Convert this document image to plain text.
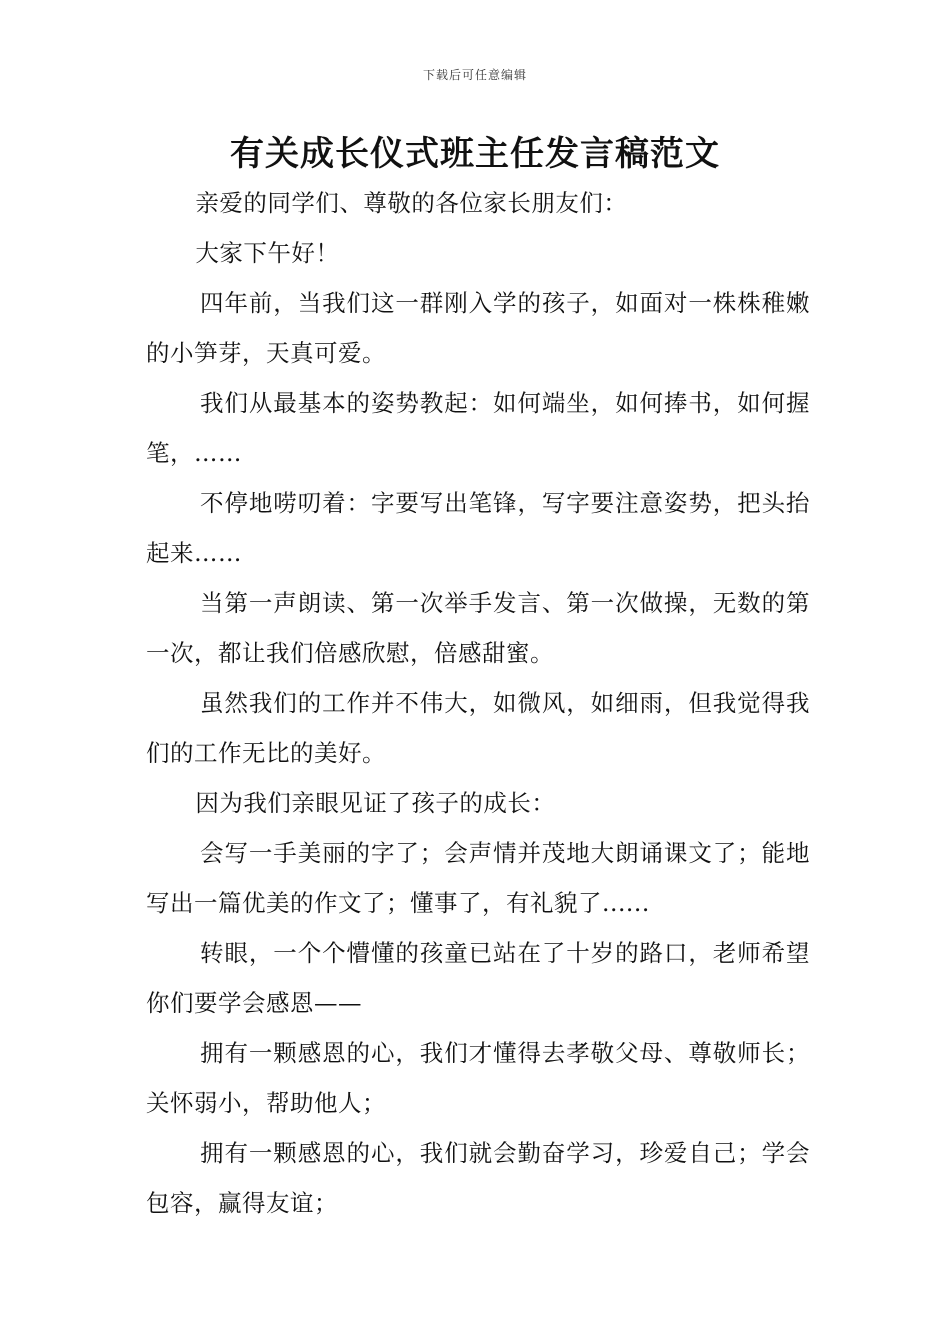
下载后可任意编辑
有关成长仪式班主任发言稿范文

亲爱的同学们、尊敬的各位家长朋友们：

大家下午好！

四年前，当我们这一群刚入学的孩子，如面对一株株稚嫩的小笋芽，天真可爱。

我们从最基本的姿势教起：如何端坐，如何捧书，如何握笔，……

不停地唠叨着：字要写出笔锋，写字要注意姿势，把头抬起来……

当第一声朗读、第一次举手发言、第一次做操，无数的第一次，都让我们倍感欣慰，倍感甜蜜。

虽然我们的工作并不伟大，如微风，如细雨，但我觉得我们的工作无比的美好。

因为我们亲眼见证了孩子的成长：

会写一手美丽的字了；会声情并茂地大朗诵课文了；能地写出一篇优美的作文了；懂事了，有礼貌了......

转眼，一个个懵懂的孩童已站在了十岁的路口，老师希望你们要学会感恩——

拥有一颗感恩的心，我们才懂得去孝敬父母、尊敬师长；关怀弱小，帮助他人；

拥有一颗感恩的心，我们就会勤奋学习，珍爱自己；学会包容，赢得友谊；
